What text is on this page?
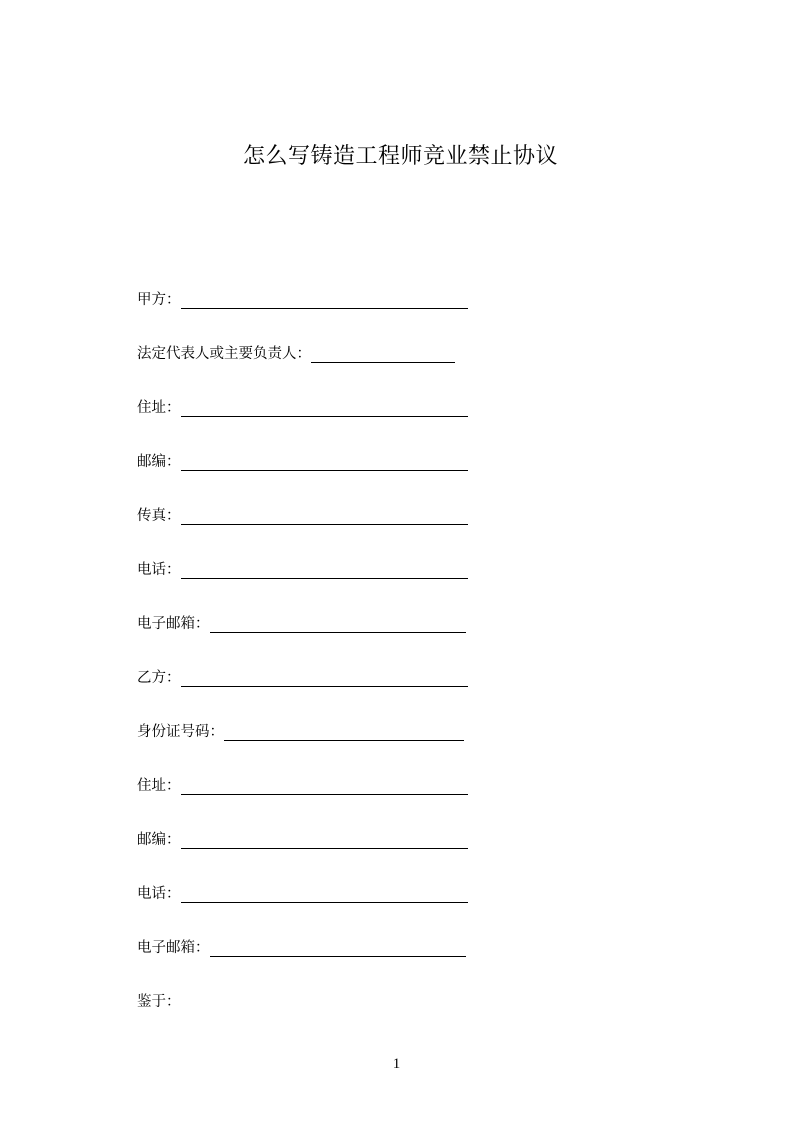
怎么写铸造工程师竞业禁止协议
甲方：
法定代表人或主要负责人：
住址：
邮编：
传真：
电话：
电子邮箱：
乙方：
身份证号码：
住址：
邮编：
电话：
电子邮箱：
鉴于：
1
